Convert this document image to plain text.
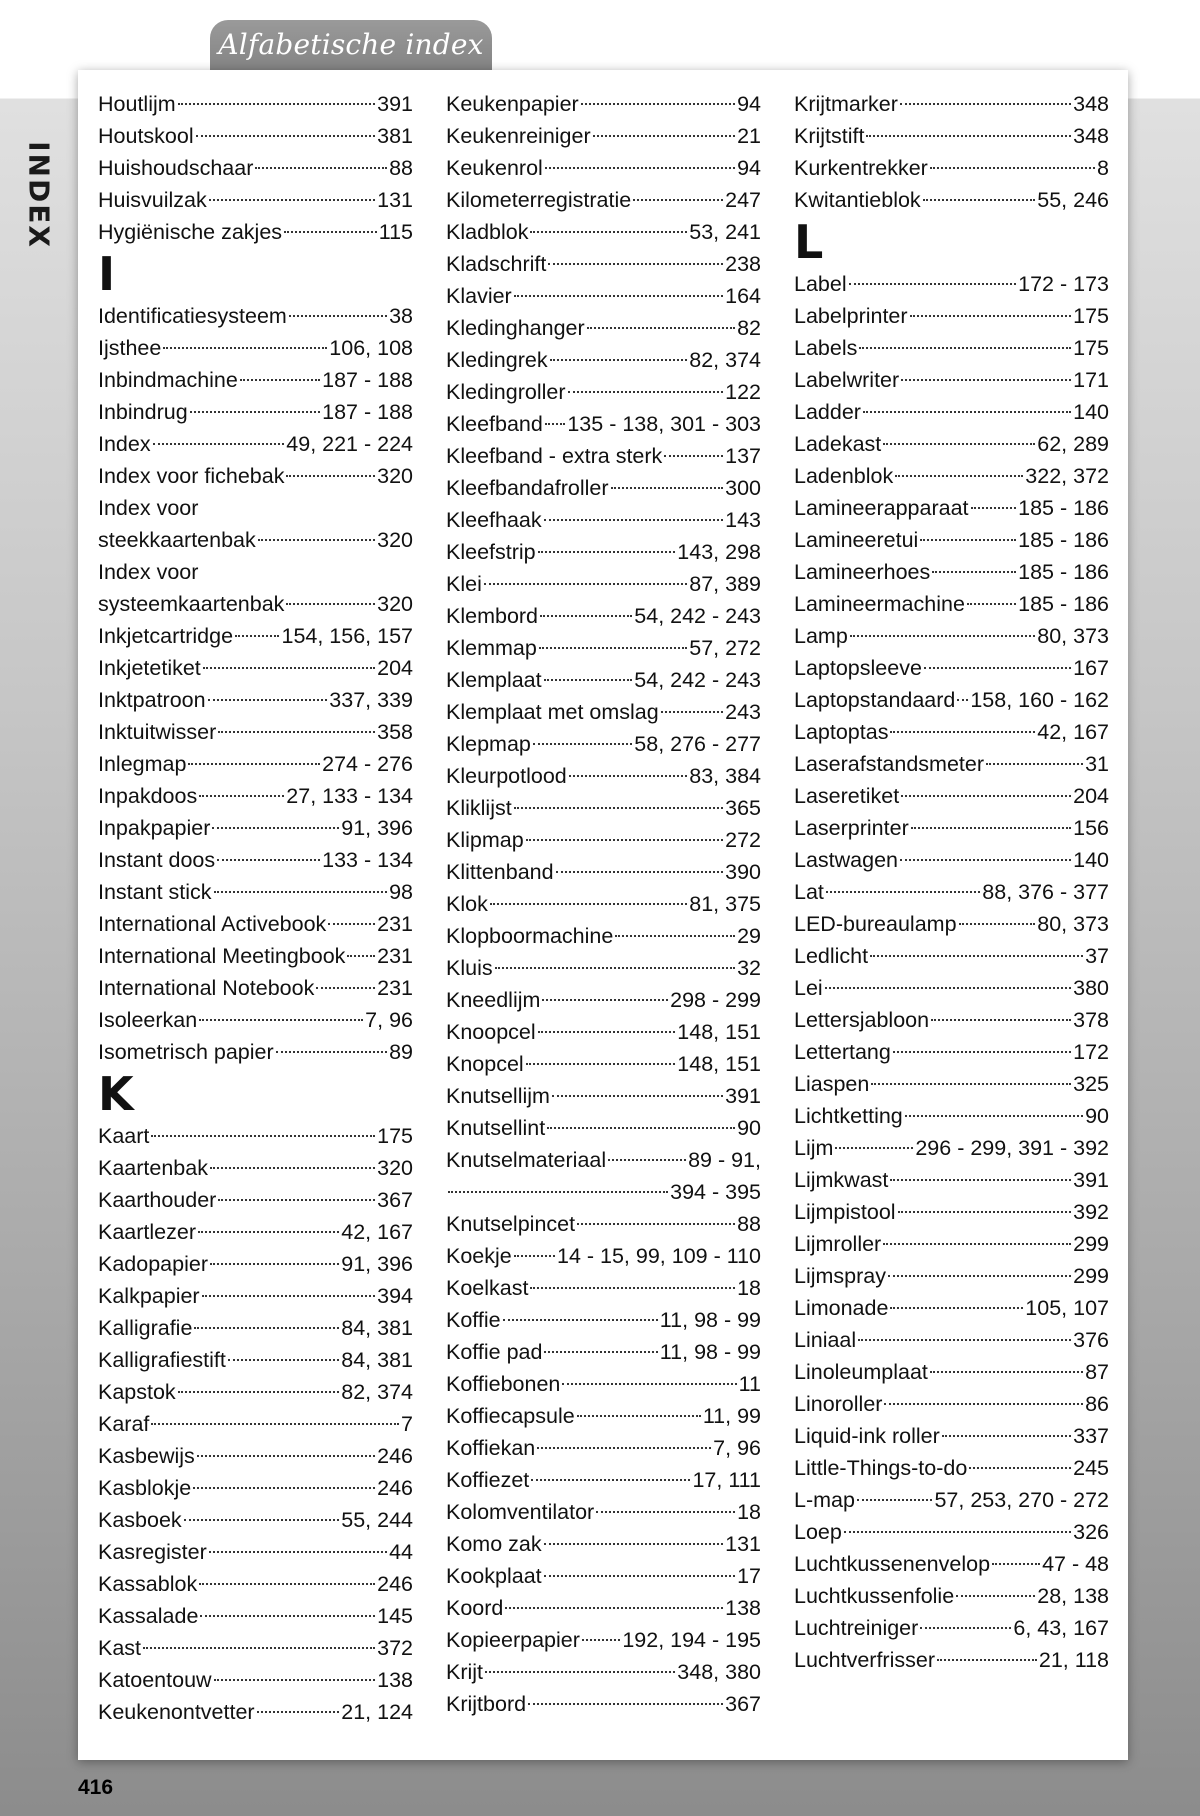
Alfabetische index
INDEX
Houtlijm	391
Houtskool	381
Huishoudschaar	88
Huisvuilzak	131
Hygiënische zakjes	115
I
Identificatiesysteem	38
Ijsthee	106, 108
Inbindmachine	187 - 188
Inbindrug	187 - 188
Index	49, 221 - 224
Index voor fichebak	320
Index voor
steekkaartenbak	320
Index voor
systeemkaartenbak	320
Inkjetcartridge 154, 156, 157
Inkjetetiket	204
Inktpatroon	337, 339
Inktuitwisser	358
Inlegmap	274 - 276
Inpakdoos	27, 133 - 134
Inpakpapier	91, 396
Instant doos	133 - 134
Instant stick	98
International Activebook 231
International Meetingbook 231
International Notebook	231
Isoleerkan	7, 96
Isometrisch papier	89
K
Kaart	175
Kaartenbak	320
Kaarthouder	367
Kaartlezer	42, 167
Kadopapier	91, 396
Kalkpapier	394
Kalligrafie	84, 381
Kalligrafiestift	84, 381
Kapstok	82, 374
Karaf	7
Kasbewijs	246
Kasblokje	246
Kasboek	55, 244
Kasregister	44
Kassablok	246
Kassalade	145
Kast	372
Katoentouw	138
Keukenontvetter	21, 124
Keukenpapier	94
Keukenreiniger	21
Keukenrol	94
Kilometerregistratie	247
Kladblok	53, 241
Kladschrift	238
Klavier	164
Kledinghanger	82
Kledingrek	82, 374
Kledingroller	122
Kleefband 135 - 138, 301 - 303
Kleefband - extra sterk	137
Kleefbandafroller	300
Kleefhaak	143
Kleefstrip	143, 298
Klei	87, 389
Klembord	54, 242 - 243
Klemmap	57, 272
Klemplaat	54, 242 - 243
Klemplaat met omslag	243
Klepmap	58, 276 - 277
Kleurpotlood	83, 384
Kliklijst	365
Klipmap	272
Klittenband	390
Klok	81, 375
Klopboormachine	29
Kluis	32
Kneedlijm	298 - 299
Knoopcel	148, 151
Knopcel	148, 151
Knutsellijm	391
Knutsellint	90
Knutselmateriaal	89 - 91,
394 - 395
Knutselpincet	88
Koekje 14 - 15, 99, 109 - 110
Koelkast	18
Koffie	11, 98 - 99
Koffie pad	11, 98 - 99
Koffiebonen	11
Koffiecapsule	11, 99
Koffiekan	7, 96
Koffiezet	17, 111
Kolomventilator	18
Komo zak	131
Kookplaat	17
Koord	138
Kopieerpapier 192, 194 - 195
Krijt	348, 380
Krijtbord	367
Krijtmarker	348
Krijtstift	348
Kurkentrekker	8
Kwitantieblok	55, 246
L
Label	172 - 173
Labelprinter	175
Labels	175
Labelwriter	171
Ladder	140
Ladekast	62, 289
Ladenblok	322, 372
Lamineerapparaat 185 - 186
Lamineeretui	185 - 186
Lamineerhoes	185 - 186
Lamineermachine 185 - 186
Lamp	80, 373
Laptopsleeve	167
Laptopstandaard 158, 160 - 162
Laptoptas	42, 167
Laserafstandsmeter	31
Laseretiket	204
Laserprinter	156
Lastwagen	140
Lat	88, 376 - 377
LED-bureaulamp	80, 373
Ledlicht	37
Lei	380
Lettersjabloon	378
Lettertang	172
Liaspen	325
Lichtketting	90
Lijm	296 - 299, 391 - 392
Lijmkwast	391
Lijmpistool	392
Lijmroller	299
Lijmspray	299
Limonade	105, 107
Liniaal	376
Linoleumplaat	87
Linoroller	86
Liquid-ink roller	337
Little-Things-to-do	245
L-map	57, 253, 270 - 272
Loep	326
Luchtkussenenvelop 47 - 48
Luchtkussenfolie	28, 138
Luchtreiniger	6, 43, 167
Luchtverfrisser	21, 118
416
